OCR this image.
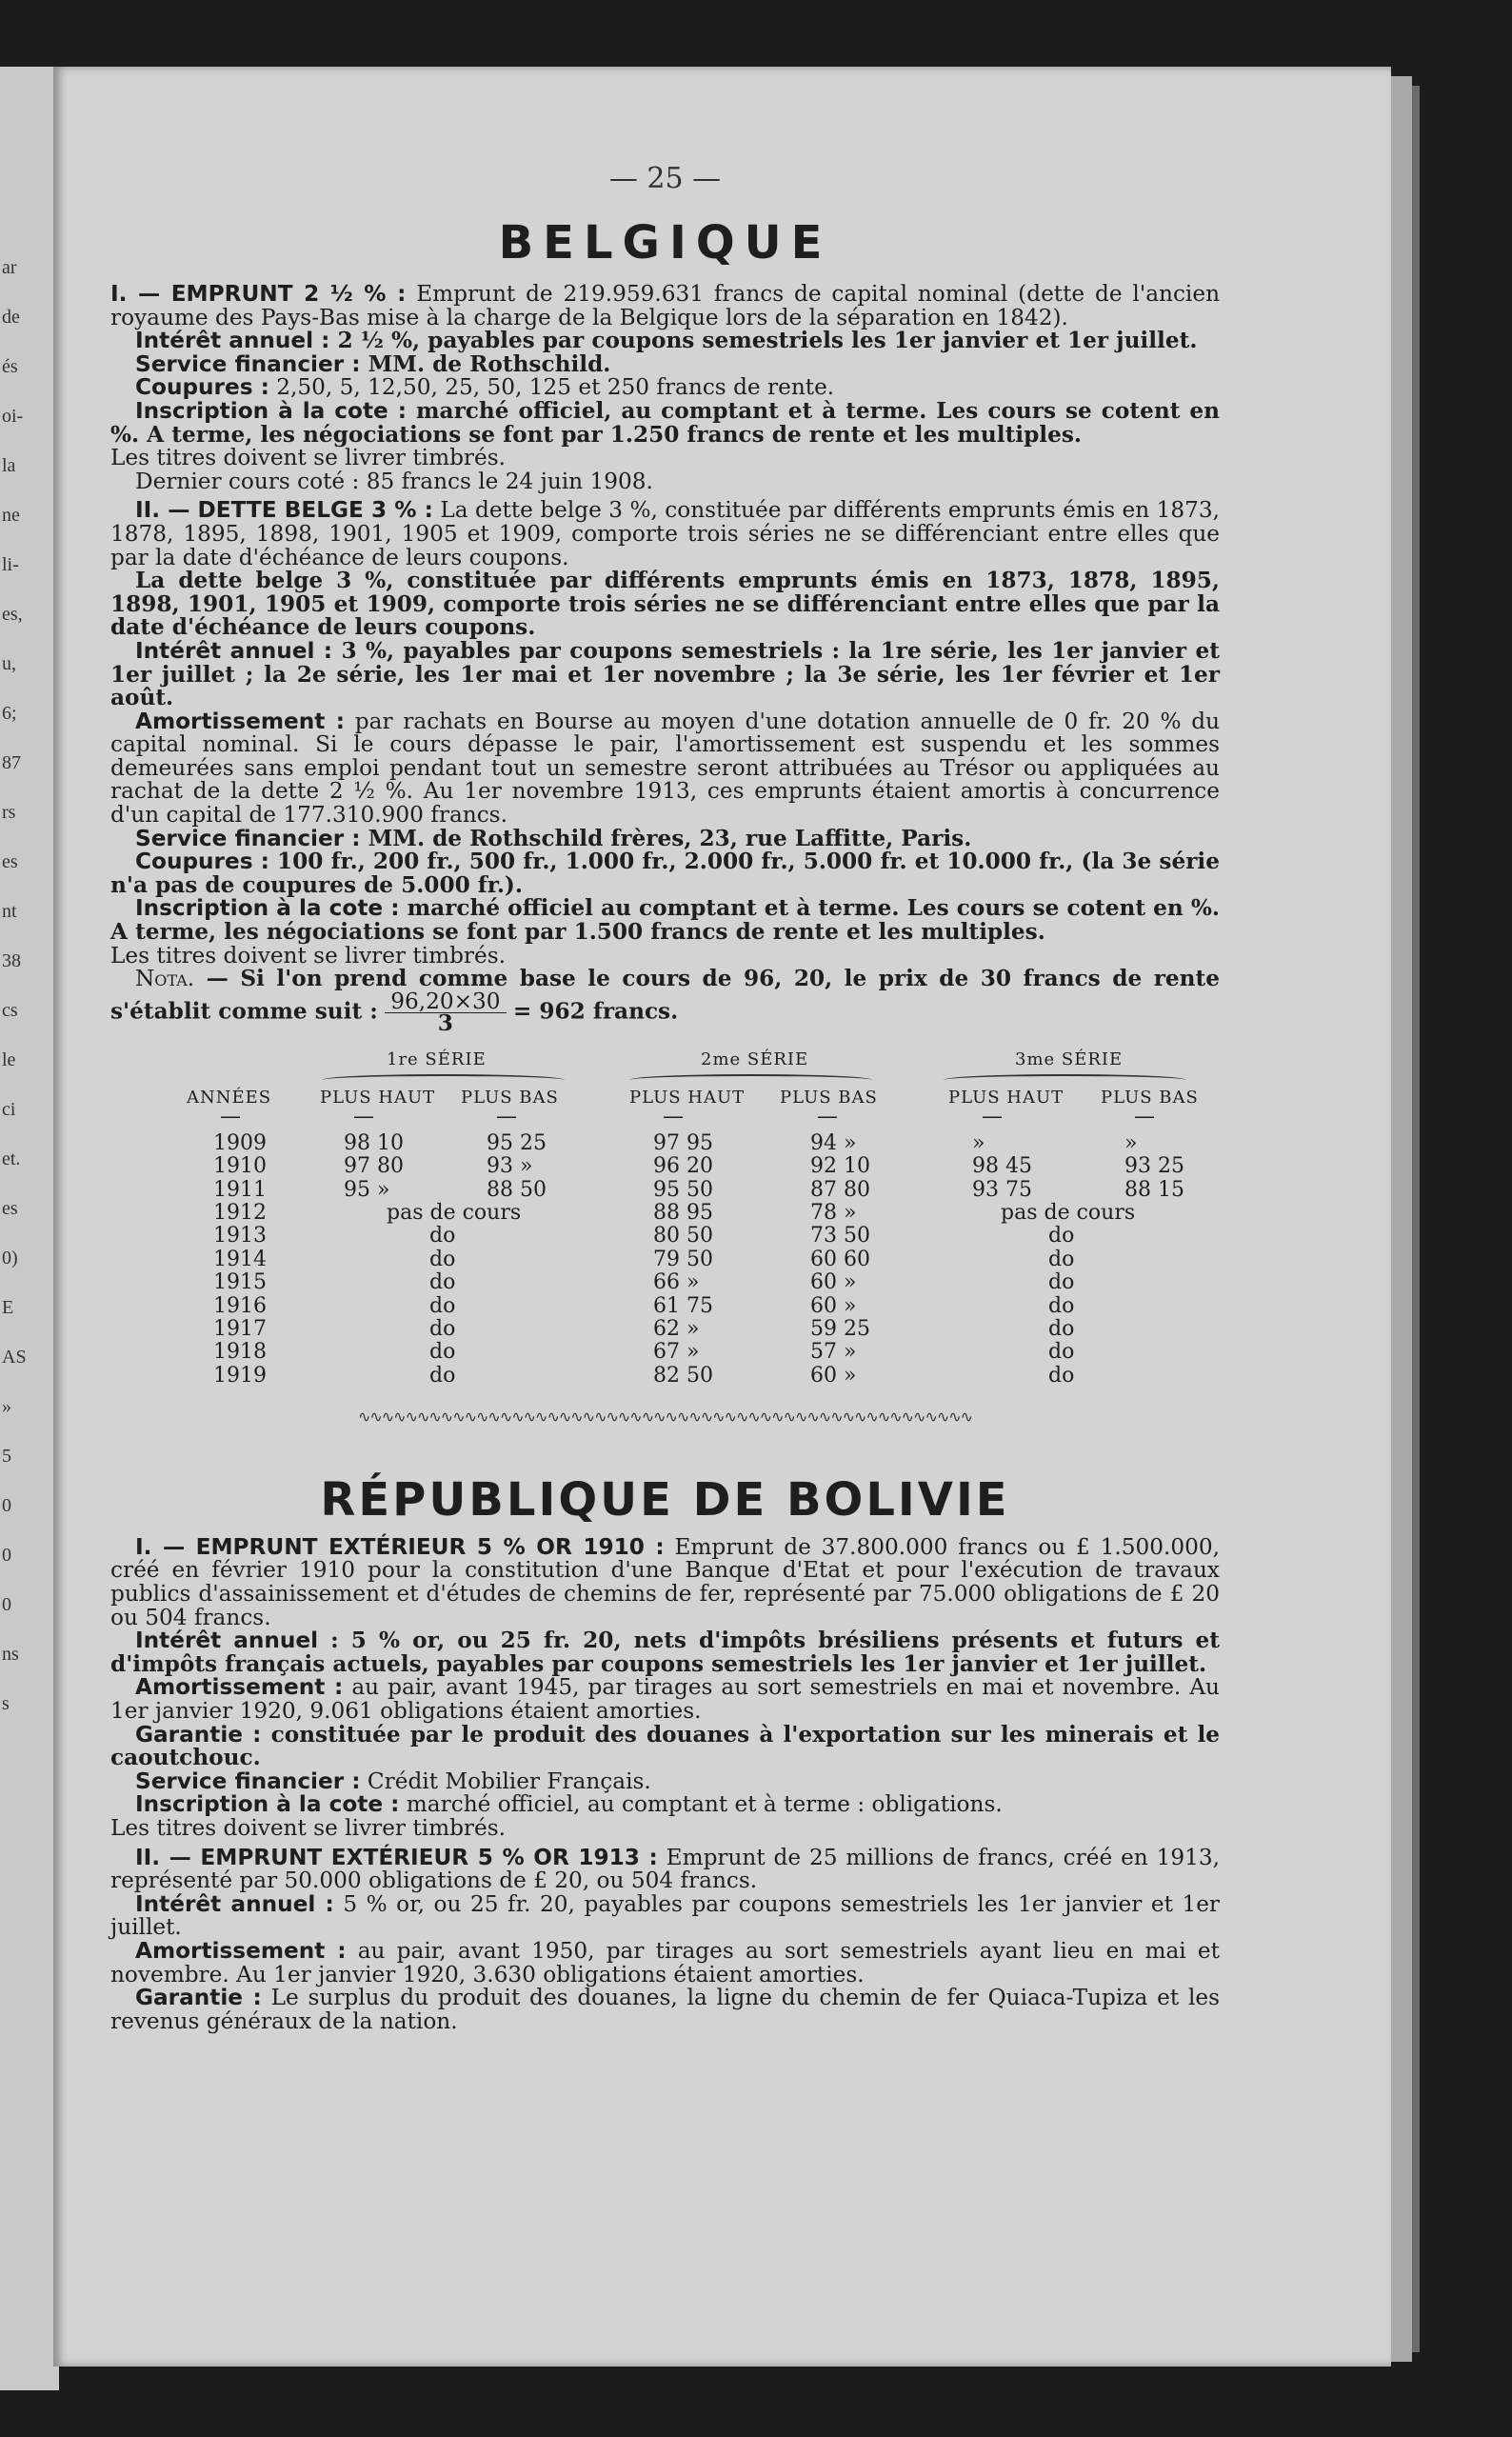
ar
de
és
oi-
la
ne
li-
es,
u,
6;
87
rs
es
nt
38
cs
le
ci
et.
es
0)
E
AS
»
5
0
0
0
ns
s
— 25 —
BELGIQUE

I. — EMPRUNT 2 ½ % : Emprunt de 219.959.631 francs de capital nominal (dette de l'ancien royaume des Pays-Bas mise à la charge de la Belgique lors de la séparation en 1842).

Intérêt annuel : 2 ½ %, payables par coupons semestriels les 1er janvier et 1er juillet.

Service financier : MM. de Rothschild.

Coupures : 2,50, 5, 12,50, 25, 50, 125 et 250 francs de rente.

Inscription à la cote : marché officiel, au comptant et à terme. Les cours se cotent en %. A terme, les négociations se font par 1.250 francs de rente et les multiples.

Les titres doivent se livrer timbrés.

Dernier cours coté : 85 francs le 24 juin 1908.

II. — DETTE BELGE 3 % : La dette belge 3 %, constituée par différents emprunts émis en 1873, 1878, 1895, 1898, 1901, 1905 et 1909, comporte trois séries ne se différenciant entre elles que par la date d'échéance de leurs coupons.

La dette belge 3 %, constituée par différents emprunts émis en 1873, 1878, 1895, 1898, 1901, 1905 et 1909, comporte trois séries ne se différenciant entre elles que par la date d'échéance de leurs coupons.

Intérêt annuel : 3 %, payables par coupons semestriels : la 1re série, les 1er janvier et 1er juillet ; la 2e série, les 1er mai et 1er novembre ; la 3e série, les 1er février et 1er août.

Amortissement : par rachats en Bourse au moyen d'une dotation annuelle de 0 fr. 20 % du capital nominal. Si le cours dépasse le pair, l'amortissement est suspendu et les sommes demeurées sans emploi pendant tout un semestre seront attribuées au Trésor ou appliquées au rachat de la dette 2 ½ %. Au 1er novembre 1913, ces emprunts étaient amortis à concurrence d'un capital de 177.310.900 francs.

Service financier : MM. de Rothschild frères, 23, rue Laffitte, Paris.

Coupures : 100 fr., 200 fr., 500 fr., 1.000 fr., 2.000 fr., 5.000 fr. et 10.000 fr., (la 3e série n'a pas de coupures de 5.000 fr.).

Inscription à la cote : marché officiel au comptant et à terme. Les cours se cotent en %. A terme, les négociations se font par 1.500 francs de rente et les multiples.

Les titres doivent se livrer timbrés.

Nota. — Si l'on prend comme base le cours de 96, 20, le prix de 30 francs de rente s'établit comme suit : $\frac{96,20\times 30}{3} = 962$ francs.

1re SÉRIE	2me SÉRIE	3me SÉRIE
ANNÉES	PLUS HAUT PLUS BAS	PLUS HAUT PLUS BAS	PLUS HAUT PLUS BAS
—	—	—	—	—	—	—
1909	98 10	95 25	97 95	94 »	»	»
1910	97 80	93 »	96 20	92 10	98 45	93 25
1911	95 »	88 50	95 50	87 80	93 75	88 15
1912	pas de cours	88 95	78 »	pas de cours
1913	do	80 50	73 50	do
1914	do	79 50	60 60	do
1915	do	66 »	60 »	do
1916	do	61 75	60 »	do
1917	do	62 »	59 25	do
1918	do	67 »	57 »	do
1919	do	82 50	60 »	do
∿∿∿∿∿∿∿∿∿∿∿∿∿∿∿∿∿∿∿∿∿∿∿∿∿∿∿∿∿∿∿∿∿∿∿∿∿∿∿∿∿∿∿∿∿∿∿∿∿∿∿∿
RÉPUBLIQUE DE BOLIVIE

I. — EMPRUNT EXTÉRIEUR 5 % OR 1910 : Emprunt de 37.800.000 francs ou £ 1.500.000, créé en février 1910 pour la constitution d'une Banque d'Etat et pour l'exécution de travaux publics d'assainissement et d'études de chemins de fer, représenté par 75.000 obligations de £ 20 ou 504 francs.

Intérêt annuel : 5 % or, ou 25 fr. 20, nets d'impôts brésiliens présents et futurs et d'impôts français actuels, payables par coupons semestriels les 1er janvier et 1er juillet.

Amortissement : au pair, avant 1945, par tirages au sort semestriels en mai et novembre. Au 1er janvier 1920, 9.061 obligations étaient amorties.

Garantie : constituée par le produit des douanes à l'exportation sur les minerais et le caoutchouc.

Service financier : Crédit Mobilier Français.

Inscription à la cote : marché officiel, au comptant et à terme : obligations.

Les titres doivent se livrer timbrés.

II. — EMPRUNT EXTÉRIEUR 5 % OR 1913 : Emprunt de 25 millions de francs, créé en 1913, représenté par 50.000 obligations de £ 20, ou 504 francs.

Intérêt annuel : 5 % or, ou 25 fr. 20, payables par coupons semestriels les 1er janvier et 1er juillet.

Amortissement : au pair, avant 1950, par tirages au sort semestriels ayant lieu en mai et novembre. Au 1er janvier 1920, 3.630 obligations étaient amorties.

Garantie : Le surplus du produit des douanes, la ligne du chemin de fer Quiaca-Tupiza et les revenus généraux de la nation.
